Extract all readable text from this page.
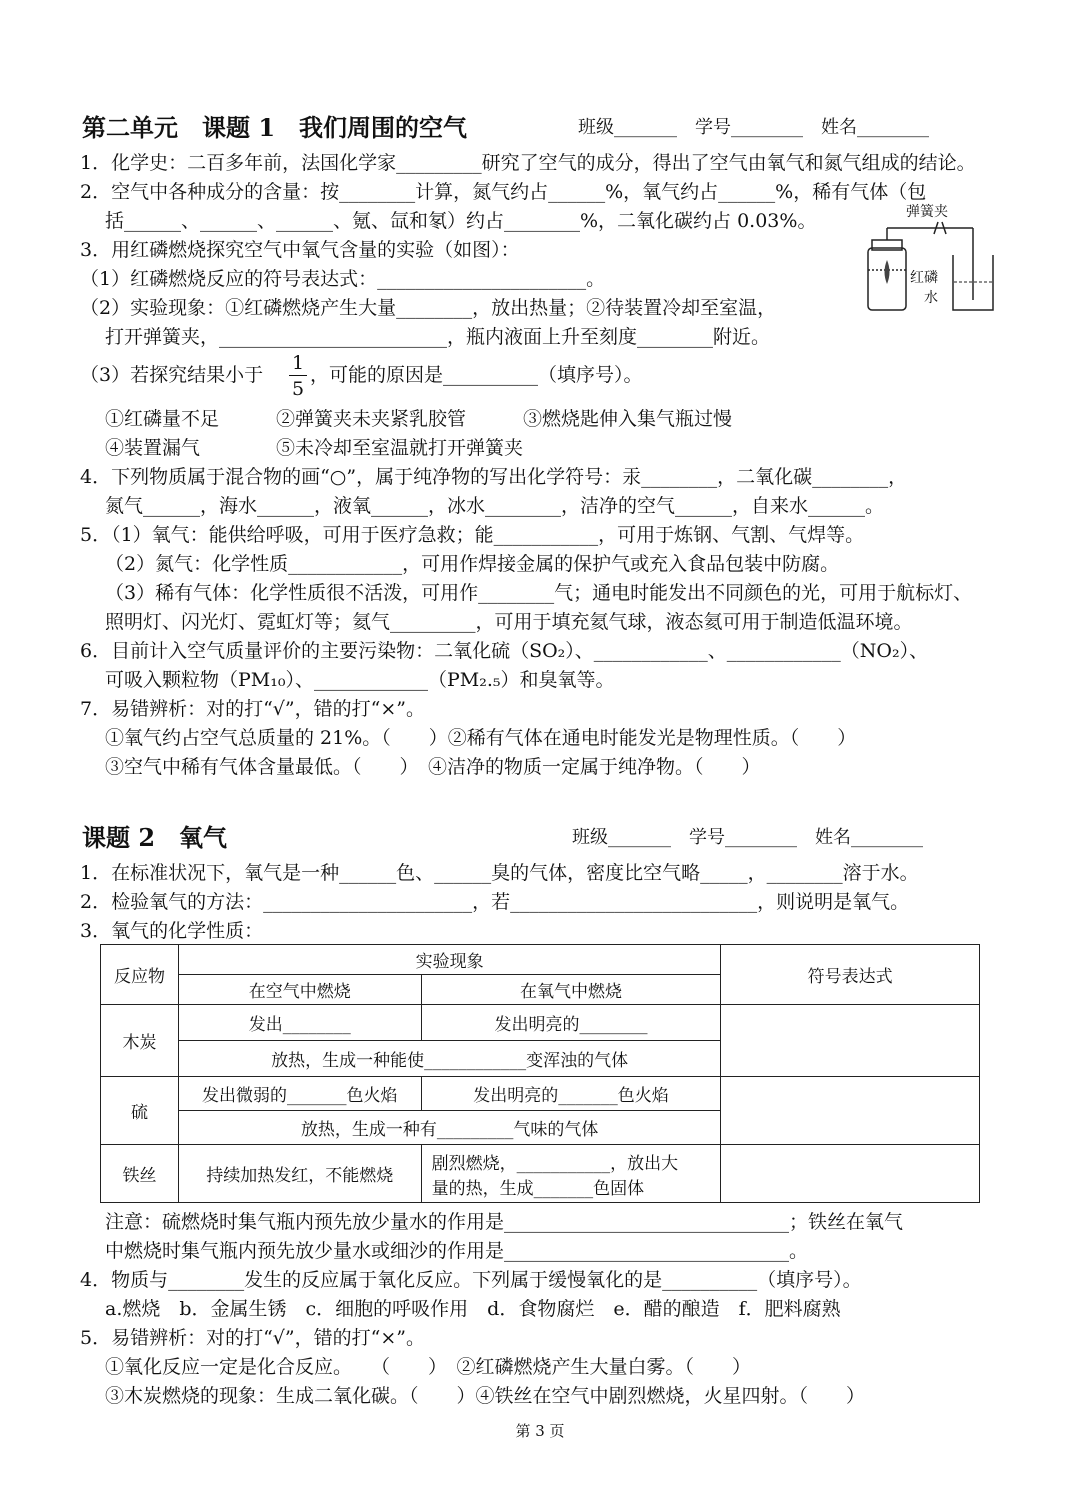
第二单元　课题 1　我们周围的空气	班级_______　学号________　姓名________
1．化学史：二百多年前，法国化学家_________研究了空气的成分，得出了空气由氧气和氮气组成的结论。
2．空气中各种成分的含量：按________计算，氮气约占______%，氧气约占______%，稀有气体（包
括______、______、______、氪、氙和氡）约占________%，二氧化碳约占 0.03%。
3．用红磷燃烧探究空气中氧气含量的实验（如图）：
（1）红磷燃烧反应的符号表达式：______________________。
（2）实验现象：①红磷燃烧产生大量________，放出热量；②待装置冷却至室温，
打开弹簧夹，________________________，瓶内液面上升至刻度________附近。
（3）若探究结果小于
1
5
，可能的原因是__________（填序号）。
①红磷量不足　　　②弹簧夹未夹紧乳胶管　　　③燃烧匙伸入集气瓶过慢
④装置漏气　　　　⑤未冷却至室温就打开弹簧夹
4．下列物质属于混合物的画“○”，属于纯净物的写出化学符号：汞________，二氧化碳________，
氮气______，海水______，液氧______，冰水________，洁净的空气______，自来水______。
5．（1）氧气：能供给呼吸，可用于医疗急救；能___________，可用于炼钢、气割、气焊等。
（2）氮气：化学性质____________，可用作焊接金属的保护气或充入食品包装中防腐。
（3）稀有气体：化学性质很不活泼，可用作________气；通电时能发出不同颜色的光，可用于航标灯、
照明灯、闪光灯、霓虹灯等；氦气_________，可用于填充氦气球，液态氦可用于制造低温环境。
6．目前计入空气质量评价的主要污染物：二氧化硫（SO₂）、____________、____________（NO₂）、
可吸入颗粒物（PM₁₀）、____________（PM₂.₅）和臭氧等。
7．易错辨析：对的打“√”，错的打“×”。
①氧气约占空气总质量的 21%。（　　）②稀有气体在通电时能发光是物理性质。（　　）
③空气中稀有气体含量最低。（　　）　④洁净的物质一定属于纯净物。（　　）
弹簧夹
红磷
水
课题 2　氧气	班级_______　学号________　姓名________
1．在标准状况下，氧气是一种______色、______臭的气体，密度比空气略_____，________溶于水。
2．检验氧气的方法：______________________，若__________________________，则说明是氧气。
3．氧气的化学性质：
反应物	实验现象		符号表达式
	在空气中燃烧	在氧气中燃烧	
木炭	发出________	发出明亮的________	
	放热，生成一种能使____________变浑浊的气体		
硫	发出微弱的_______色火焰	发出明亮的_______色火焰	
	放热，生成一种有_________气味的气体		
铁丝	持续加热发红，不能燃烧	剧烈燃烧，___________，放出大
量的热，生成_______色固体	

注意：硫燃烧时集气瓶内预先放少量水的作用是______________________________；铁丝在氧气
中燃烧时集气瓶内预先放少量水或细沙的作用是______________________________。
4．物质与________发生的反应属于氧化反应。下列属于缓慢氧化的是__________（填序号）。
a.燃烧　b．金属生锈　c．细胞的呼吸作用　d．食物腐烂　e．醋的酿造　f．肥料腐熟
5．易错辨析：对的打“√”，错的打“×”。
①氧化反应一定是化合反应。　　（　　）　②红磷燃烧产生大量白雾。（　　）
③木炭燃烧的现象：生成二氧化碳。（　　）④铁丝在空气中剧烈燃烧，火星四射。（　　）
第 3 页
